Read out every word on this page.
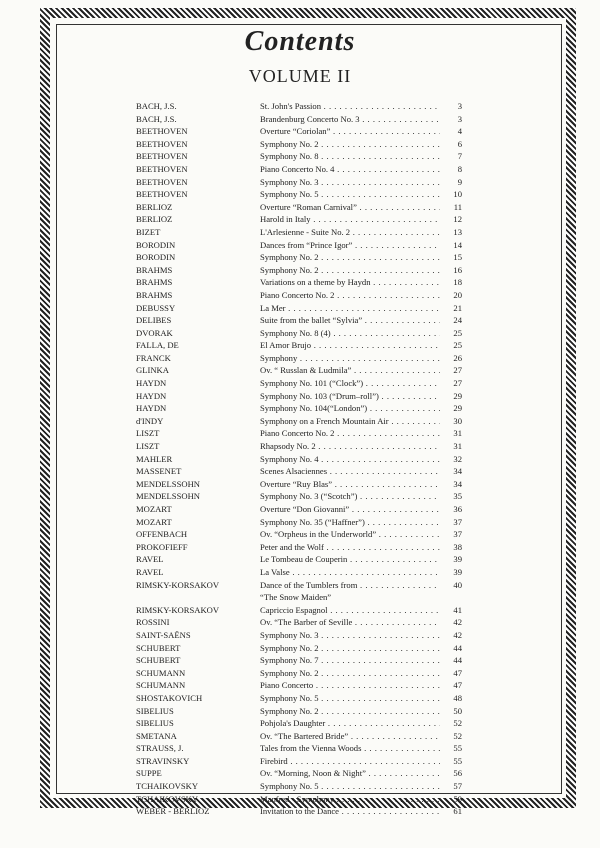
Contents
VOLUME II
BACH, J.S.	St. John's Passion . . .	3
BACH, J.S.	Brandenburg Concerto No. 3 . . .	3
BEETHOVEN	Overture “Coriolan” . . .	4
BEETHOVEN	Symphony No. 2 . . .	6
BEETHOVEN	Symphony No. 8 . . .	7
BEETHOVEN	Piano Concerto No. 4 . . .	8
BEETHOVEN	Symphony No. 3 . . .	9
BEETHOVEN	Symphony No. 5 . . .	10
BERLIOZ	Overture “Roman Carnival” . . .	11
BERLIOZ	Harold in Italy . . .	12
BIZET	L'Arlesienne - Suite No. 2 . . .	13
BORODIN	Dances from “Prince Igor” . . .	14
BORODIN	Symphony No. 2 . . .	15
BRAHMS	Symphony No. 2 . . .	16
BRAHMS	Variations on a theme by Haydn . . .	18
BRAHMS	Piano Concerto No. 2 . . .	20
DEBUSSY	La Mer . . .	21
DELIBES	Suite from the ballet “Sylvia” . . .	24
DVORAK	Symphony No. 8 (4) . . .	25
FALLA, DE	El Amor Brujo . . .	25
FRANCK	Symphony . . .	26
GLINKA	Ov. “ Russlan & Ludmila” . . .	27
HAYDN	Symphony No. 101 (“Clock”) . . .	27
HAYDN	Symphony No. 103 (“Drum–roll”) . . .	29
HAYDN	Symphony No. 104(“London”) . . .	29
d'INDY	Symphony on a French Mountain Air . . .	30
LISZT	Piano Concerto No. 2 . . .	31
LISZT	Rhapsody No. 2 . . .	31
MAHLER	Symphony No. 4 . . .	32
MASSENET	Scenes Alsaciennes . . .	34
MENDELSSOHN	Overture “Ruy Blas” . . .	34
MENDELSSOHN	Symphony No. 3 (“Scotch”) . . .	35
MOZART	Overture “Don Giovanni” . . .	36
MOZART	Symphony No. 35 (“Haffner”) . . .	37
OFFENBACH	Ov. “Orpheus in the Underworld” . . .	37
PROKOFIEFF	Peter and the Wolf . . .	38
RAVEL	Le Tombeau de Couperin . . .	39
RAVEL	La Valse . . .	39
RIMSKY-KORSAKOV	Dance of the Tumblers from . . .	40
“The Snow Maiden”
RIMSKY-KORSAKOV	Capriccio Espagnol . . .	41
ROSSINI	Ov. “The Barber of Seville . . .	42
SAINT-SAËNS	Symphony No. 3 . . .	42
SCHUBERT	Symphony No. 2 . . .	44
SCHUBERT	Symphony No. 7 . . .	44
SCHUMANN	Symphony No. 2 . . .	47
SCHUMANN	Piano Concerto . . .	47
SHOSTAKOVICH	Symphony No. 5 . . .	48
SIBELIUS	Symphony No. 2 . . .	50
SIBELIUS	Pohjola's Daughter . . .	52
SMETANA	Ov. “The Bartered Bride” . . .	52
STRAUSS, J.	Tales from the Vienna Woods . . .	55
STRAVINSKY	Firebird . . .	55
SUPPE	Ov. “Morning, Noon & Night” . . .	56
TCHAIKOVSKY	Symphony No. 5 . . .	57
TCHAIKOVSKY	Manfred - Symphony . . .	59
WEBER - BERLIOZ	Invitation to the Dance . . .	61
